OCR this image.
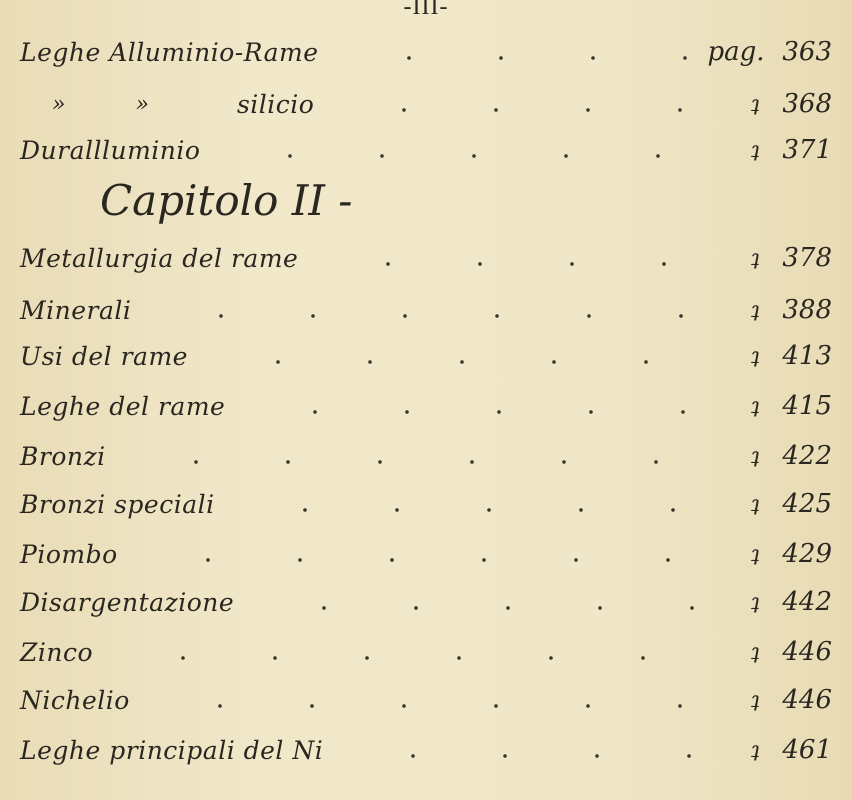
-III-
Leghe Alluminio-Rame	pag. 363
»	»	silicio	ʇ 368
Durallluminio	ʇ 371
Capitolo II -
Metallurgia del rame	ʇ 378
Minerali	ʇ 388
Usi del rame	ʇ 413
Leghe del rame	ʇ 415
Bronzi	ʇ 422
Bronzi speciali	ʇ 425
Piombo	ʇ 429
Disargentazione	ʇ 442
Zinco	ʇ 446
Nichelio	ʇ 446
Leghe principali del Ni	ʇ 461
